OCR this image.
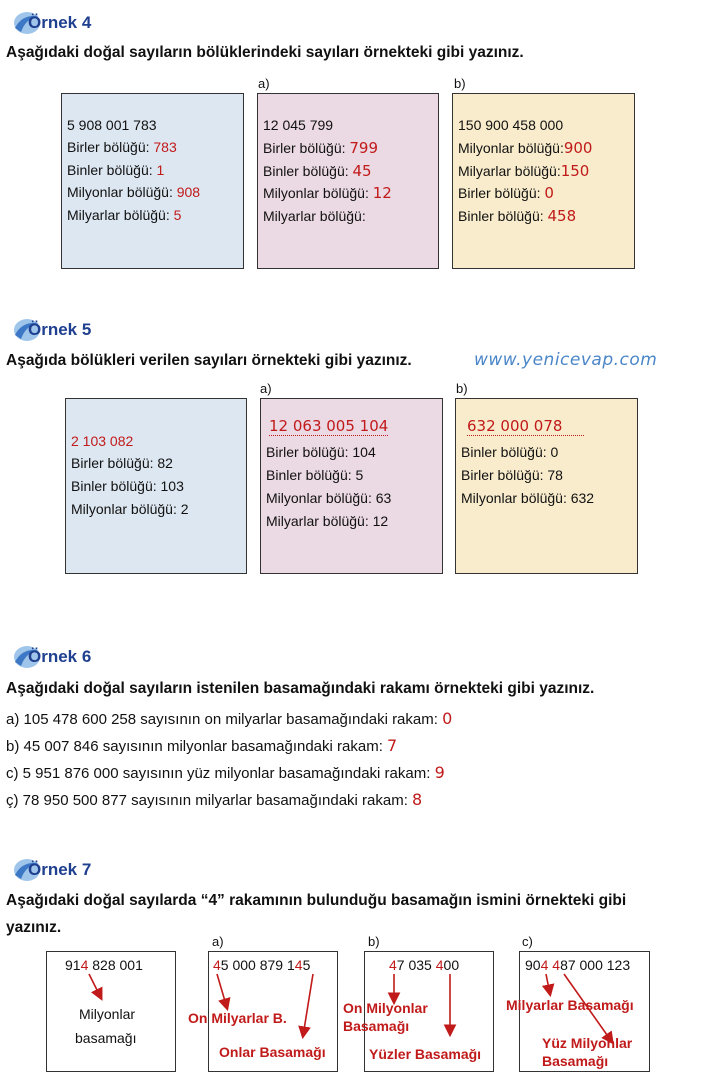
Örnek 4
Aşağıdaki doğal sayıların bölüklerindeki sayıları örnekteki gibi yazınız.
a)	b)
5 908 001 783
Birler bölüğü: 783
Binler bölüğü: 1
Milyonlar bölüğü: 908
Milyarlar bölüğü: 5
12 045 799
Birler bölüğü: 799
Binler bölüğü: 45
Milyonlar bölüğü: 12
Milyarlar bölüğü:
150 900 458 000
Milyonlar bölüğü:900
Milyarlar bölüğü:150
Birler bölüğü: 0
Binler bölüğü: 458
Örnek 5
Aşağıda bölükleri verilen sayıları örnekteki gibi yazınız.	www.yenicevap.com
a)	b)
2 103 082
Birler bölüğü: 82
Binler bölüğü: 103
Milyonlar bölüğü: 2
12 063 005 104
Birler bölüğü: 104
Binler bölüğü: 5
Milyonlar bölüğü: 63
Milyarlar bölüğü: 12
632 000 078
Binler bölüğü: 0
Birler bölüğü: 78
Milyonlar bölüğü: 632
Örnek 6
Aşağıdaki doğal sayıların istenilen basamağındaki rakamı örnekteki gibi yazınız.
a) 105 478 600 258 sayısının on milyarlar basamağındaki rakam: 0
b) 45 007 846 sayısının milyonlar basamağındaki rakam: 7
c) 5 951 876 000 sayısının yüz milyonlar basamağındaki rakam: 9
ç) 78 950 500 877 sayısının milyarlar basamağındaki rakam: 8
Örnek 7
Aşağıdaki doğal sayılarda “4” rakamının bulunduğu basamağın ismini örnekteki gibi
yazınız.
a)	b)	c)
914 828 001
Milyonlar
basamağı
45 000 879 145
On Milyarlar B.
Onlar Basamağı
47 035 400
On Milyonlar
Basamağı
Yüzler Basamağı
904 487 000 123
Milyarlar Basamağı
Yüz Milyonlar
Basamağı
